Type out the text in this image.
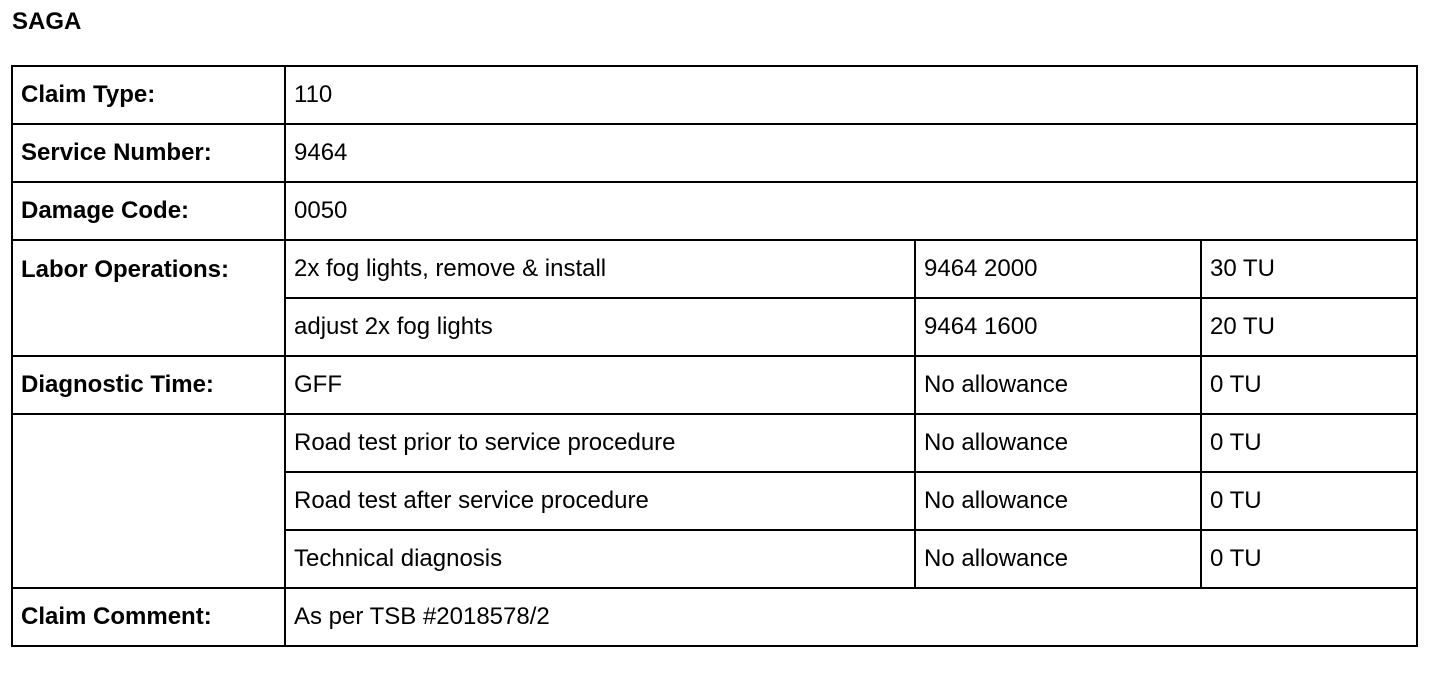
SAGA
Claim Type:	110		
Service Number:	9464		
Damage Code:	0050		
Labor Operations:	2x fog lights, remove & install	9464 2000	30 TU
	adjust 2x fog lights	9464 1600	20 TU
Diagnostic Time:	GFF	No allowance	0 TU
	Road test prior to service procedure	No allowance	0 TU
	Road test after service procedure	No allowance	0 TU
	Technical diagnosis	No allowance	0 TU
Claim Comment:	As per TSB #2018578/2		
